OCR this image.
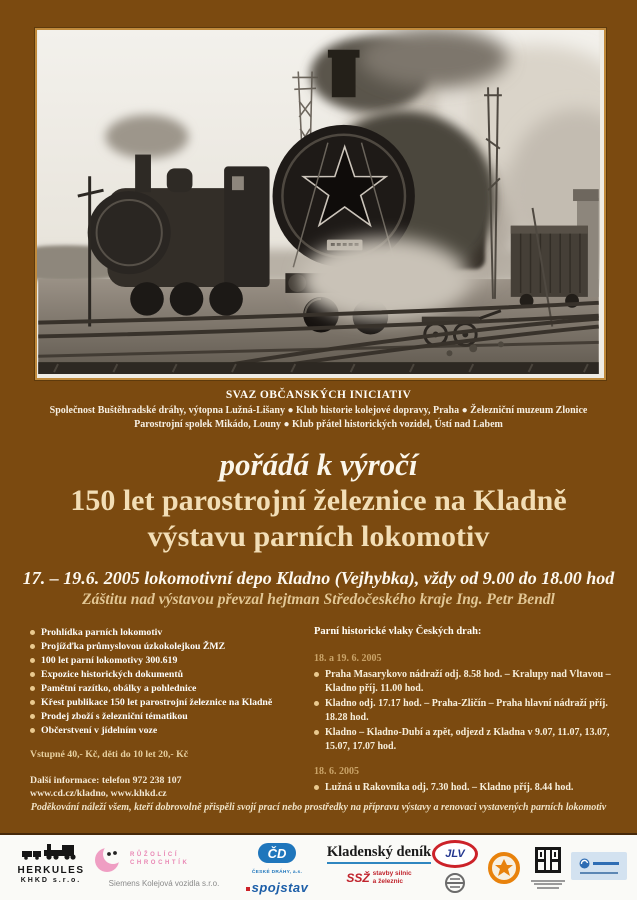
SVAZ OBČANSKÝCH INICIATIV
Společnost Buštěhradské dráhy, výtopna Lužná-Lišany ● Klub historie kolejové dopravy, Praha ● Železniční muzeum Zlonice
Parostrojní spolek Mikádo, Louny ● Klub přátel historických vozidel, Ústí nad Labem
pořádá k výročí
150 let parostrojní železnice na Kladně
výstavu parních lokomotiv
17. – 19.6. 2005 lokomotivní depo Kladno (Vejhybka), vždy od 9.00 do 18.00 hod
Záštitu nad výstavou převzal hejtman Středočeského kraje Ing. Petr Bendl
Prohlídka parních lokomotiv
Projížďka průmyslovou úzkokolejkou ŽMZ
100 let parní lokomotivy 300.619
Expozice historických dokumentů
Pamětní razítko, obálky a pohlednice
Křest publikace 150 let parostrojní železnice na Kladně
Prodej zboží s železniční tématikou
Občerstvení v jídelním voze
Vstupné 40,- Kč, děti do 10 let 20,- Kč
Další informace: telefon 972 238 107
www.cd.cz/kladno, www.khkd.cz
Parní historické vlaky Českých drah:
18. a 19. 6. 2005
Praha Masarykovo nádraží odj. 8.58 hod. – Kralupy nad Vltavou – Kladno příj. 11.00 hod.
Kladno odj. 17.17 hod. – Praha-Zličín – Praha hlavní nádraží příj. 18.28 hod.
Kladno – Kladno-Dubí a zpět, odjezd z Kladna v 9.07, 11.07, 13.07, 15.07, 17.07 hod.
18. 6. 2005
Lužná u Rakovníka odj. 7.30 hod. – Kladno příj. 8.44 hod.
Poděkování náleží všem, kteří dobrovolně přispěli svojí prací nebo prostředky na přípravu výstavy a renovaci vystavených parních lokomotiv
HERKULES
KHKD s.r.o.
RŮŽOLÍCÍ
CHROCHTÍK
Siemens Kolejová vozidla s.r.o.
ČD
ČESKÉ DRÁHY, a.s.
spojstav
Kladenský deník
SSŽ stavby silnic
a železnic
JLV
